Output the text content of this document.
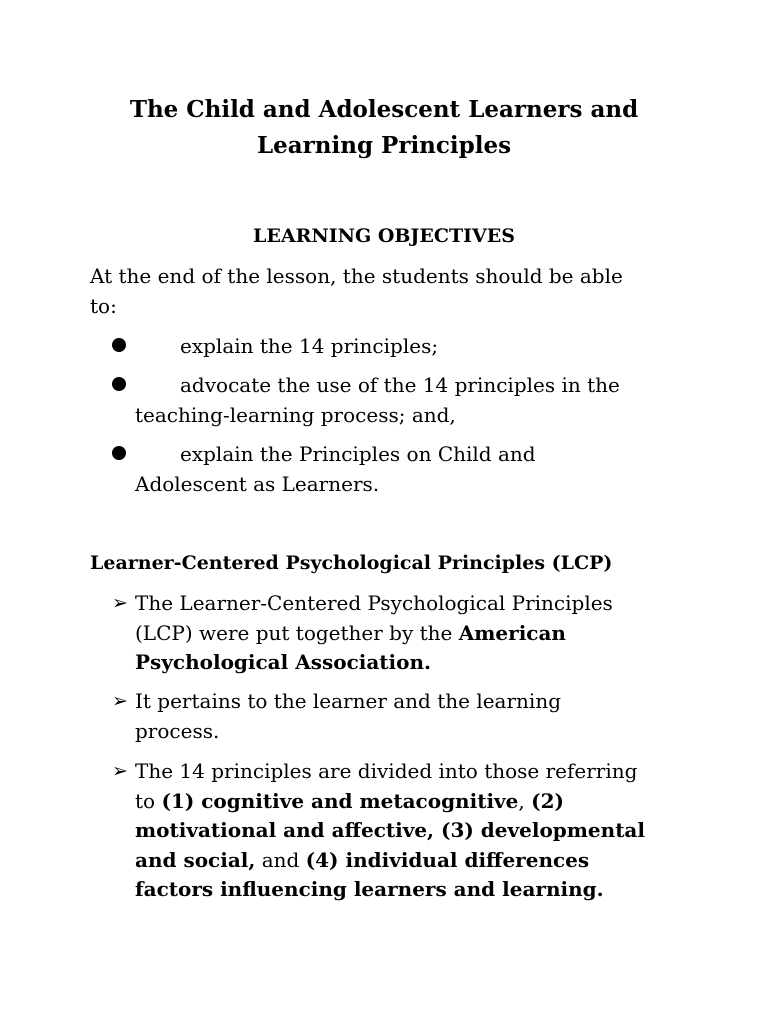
The Child and Adolescent Learners and
Learning Principles
LEARNING OBJECTIVES

At the end of the lesson, the students should be able
to:

explain the 14 principles;
advocate the use of the 14 principles in the
teaching-learning process; and,
explain the Principles on Child and
Adolescent as Learners.
Learner-Centered Psychological Principles (LCP)
➢ The Learner-Centered Psychological Principles
(LCP) were put together by the American
Psychological Association.
➢ It pertains to the learner and the learning
process.
➢ The 14 principles are divided into those referring
to (1) cognitive and metacognitive, (2)
motivational and affective, (3) developmental
and social, and (4) individual differences
factors influencing learners and learning.
